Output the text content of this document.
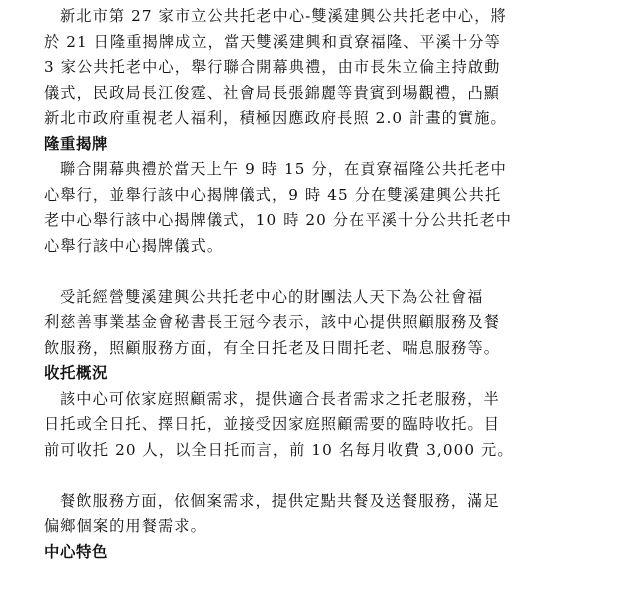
新北市第 27 家市立公共托老中心-雙溪建興公共托老中心，將
於 21 日隆重揭牌成立，當天雙溪建興和貢寮福隆、平溪十分等
3 家公共托老中心，舉行聯合開幕典禮，由市長朱立倫主持啟動
儀式，民政局長江俊霆、社會局長張錦麗等貴賓到場觀禮，凸顯
新北市政府重視老人福利，積極因應政府長照 2.0 計畫的實施。
隆重揭牌
聯合開幕典禮於當天上午 9 時 15 分，在貢寮福隆公共托老中
心舉行，並舉行該中心揭牌儀式，9 時 45 分在雙溪建興公共托
老中心舉行該中心揭牌儀式，10 時 20 分在平溪十分公共托老中
心舉行該中心揭牌儀式。
受託經營雙溪建興公共托老中心的財團法人天下為公社會福
利慈善事業基金會秘書長王冠今表示，該中心提供照顧服務及餐
飲服務，照顧服務方面，有全日托老及日間托老、喘息服務等。
收托概況
該中心可依家庭照顧需求，提供適合長者需求之托老服務，半
日托或全日托、擇日托，並接受因家庭照顧需要的臨時收托。目
前可收托 20 人，以全日托而言，前 10 名每月收費 3,000 元。
餐飲服務方面，依個案需求，提供定點共餐及送餐服務，滿足
偏鄉個案的用餐需求。
中心特色
